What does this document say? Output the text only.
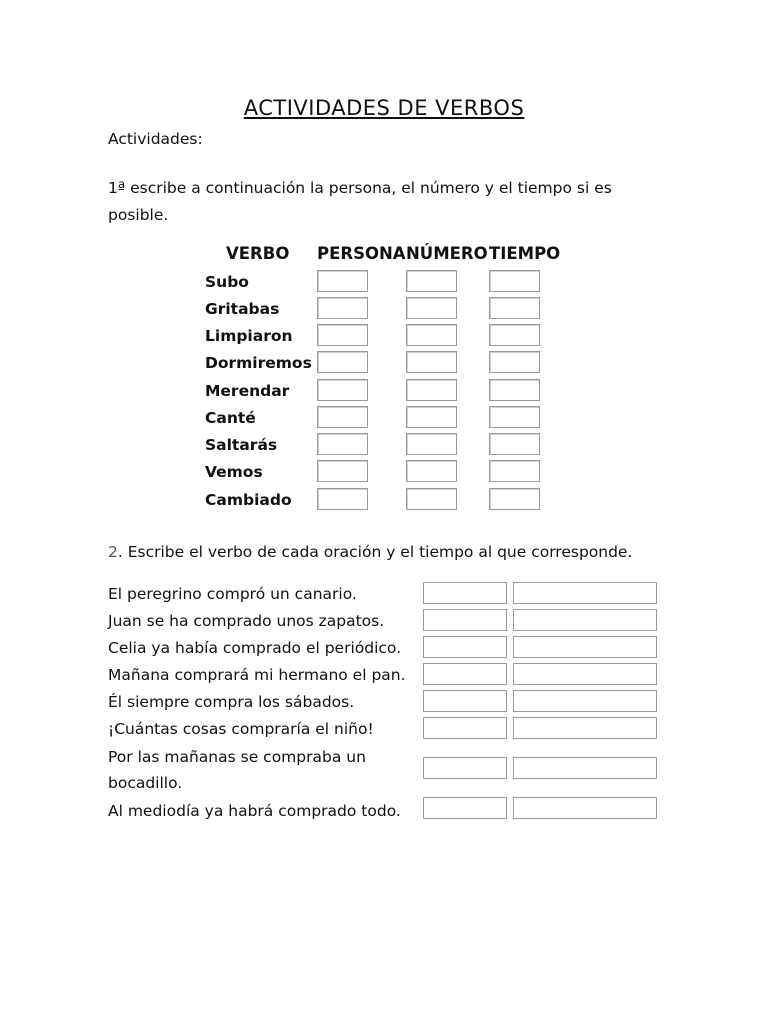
ACTIVIDADES DE VERBOS
Actividades:
1ª escribe a continuación la persona, el número y el tiempo si es
posible.
VERBO PERSONA NÚMERO TIEMPO
Subo
Gritabas
Limpiaron
Dormiremos
Merendar
Canté
Saltarás
Vemos
Cambiado
2. Escribe el verbo de cada oración y el tiempo al que corresponde.
El peregrino compró un canario.
Juan se ha comprado unos zapatos.
Celia ya había comprado el periódico.
Mañana comprará mi hermano el pan.
Él siempre compra los sábados.
¡Cuántas cosas compraría el niño!
Por las mañanas se compraba un
bocadillo.
Al mediodía ya habrá comprado todo.
